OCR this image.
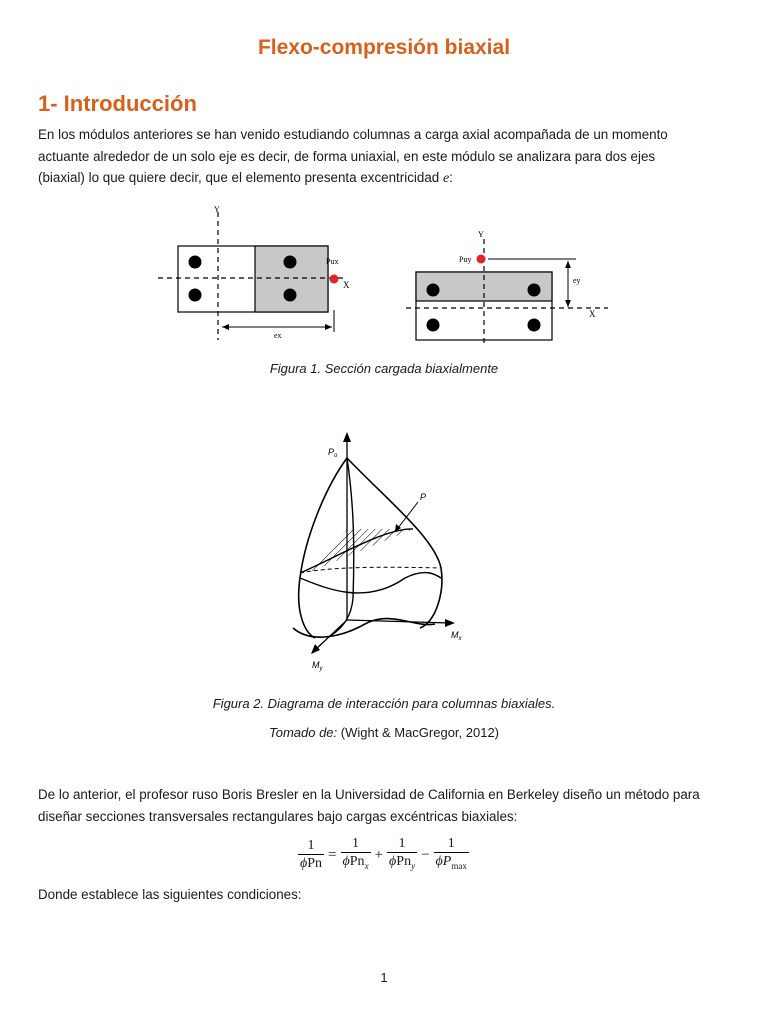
Flexo-compresión biaxial
1- Introducción
En los módulos anteriores se han venido estudiando columnas a carga axial acompañada de un momento
actuante alrededor de un solo eje es decir, de forma uniaxial, en este módulo se analizara para dos ejes
(biaxial) lo que quiere decir, que el elemento presenta excentricidad e:
Y
X
Pux
ex
Y
X
Puy
ey
Figura 1. Sección cargada biaxialmente
$P_o$
P
$M_x$
$M_y$
Figura 2. Diagrama de interacción para columnas biaxiales.
Tomado de: (Wight & MacGregor, 2012)
De lo anterior, el profesor ruso Boris Bresler en la Universidad de California en Berkeley diseño un método para
diseñar secciones transversales rectangulares bajo cargas excéntricas biaxiales:
$\frac{1}{\text{ϕPn}} = \frac{1}{\phi Pn_x} + \frac{1}{\phi Pn_y} - \frac{1}{\phi P_{max}}$
Donde establece las siguientes condiciones:
1
